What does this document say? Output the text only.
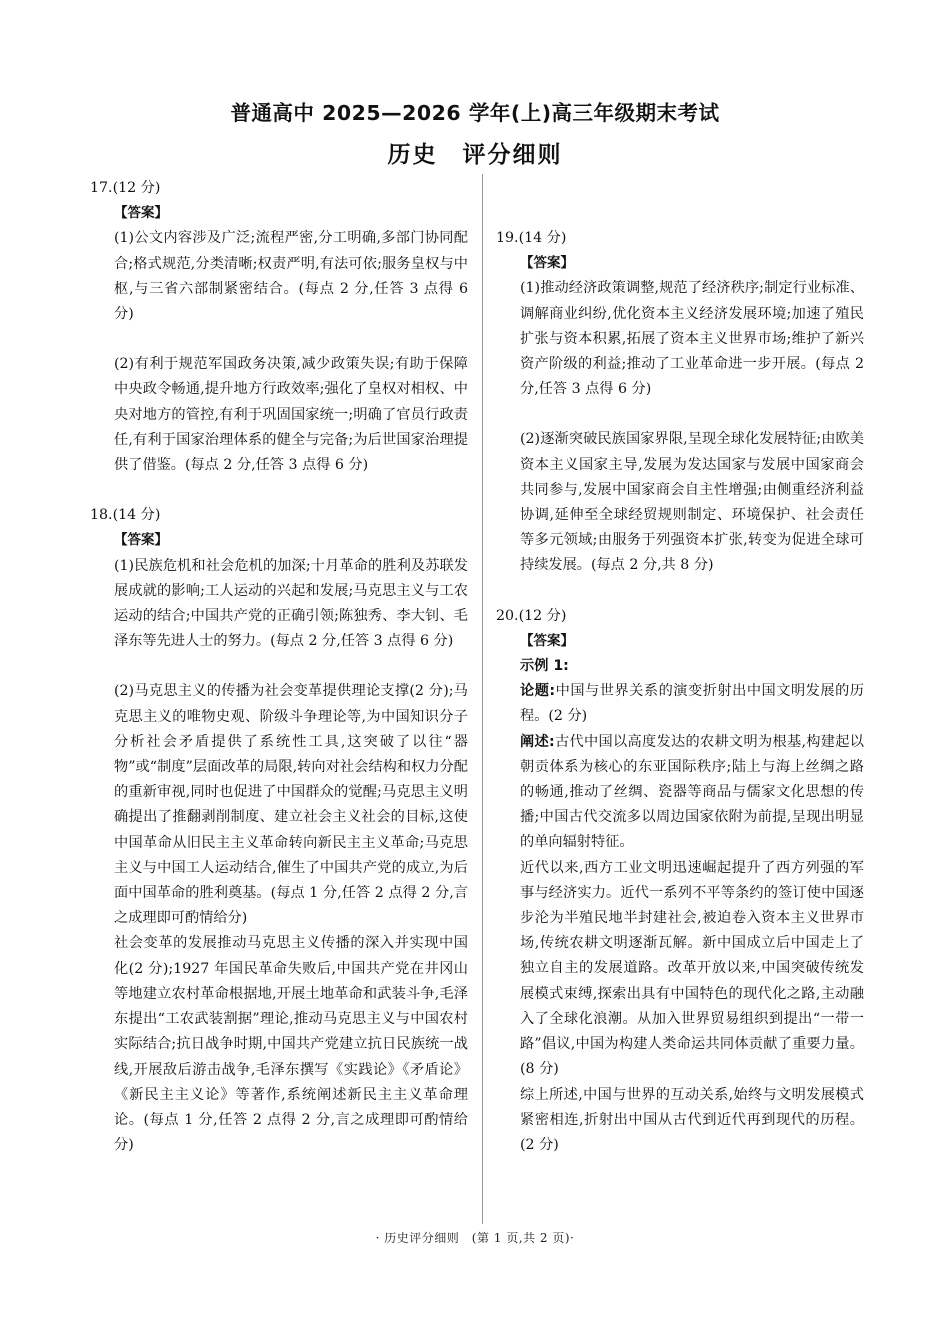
普通高中 2025—2026 学年(上)高三年级期末考试
历史　评分细则

17.(12 分)

【答案】

(1)公文内容涉及广泛;流程严密,分工明确,多部门协同配合;格式规范,分类清晰;权责严明,有法可依;服务皇权与中枢,与三省六部制紧密结合。(每点 2 分,任答 3 点得 6 分)

(2)有利于规范军国政务决策,减少政策失误;有助于保障中央政令畅通,提升地方行政效率;强化了皇权对相权、中央对地方的管控,有利于巩固国家统一;明确了官员行政责任,有利于国家治理体系的健全与完备;为后世国家治理提供了借鉴。(每点 2 分,任答 3 点得 6 分)

18.(14 分)

【答案】

(1)民族危机和社会危机的加深;十月革命的胜利及苏联发展成就的影响;工人运动的兴起和发展;马克思主义与工农运动的结合;中国共产党的正确引领;陈独秀、李大钊、毛泽东等先进人士的努力。(每点 2 分,任答 3 点得 6 分)

(2)马克思主义的传播为社会变革提供理论支撑(2 分);马克思主义的唯物史观、阶级斗争理论等,为中国知识分子分析社会矛盾提供了系统性工具,这突破了以往“器物”或“制度”层面改革的局限,转向对社会结构和权力分配的重新审视,同时也促进了中国群众的觉醒;马克思主义明确提出了推翻剥削制度、建立社会主义社会的目标,这使中国革命从旧民主主义革命转向新民主主义革命;马克思主义与中国工人运动结合,催生了中国共产党的成立,为后面中国革命的胜利奠基。(每点 1 分,任答 2 点得 2 分,言之成理即可酌情给分)

社会变革的发展推动马克思主义传播的深入并实现中国化(2 分);1927 年国民革命失败后,中国共产党在井冈山等地建立农村革命根据地,开展土地革命和武装斗争,毛泽东提出“工农武装割据”理论,推动马克思主义与中国农村实际结合;抗日战争时期,中国共产党建立抗日民族统一战线,开展敌后游击战争,毛泽东撰写《实践论》《矛盾论》《新民主主义论》等著作,系统阐述新民主主义革命理论。(每点 1 分,任答 2 点得 2 分,言之成理即可酌情给分)

19.(14 分)

【答案】

(1)推动经济政策调整,规范了经济秩序;制定行业标准、调解商业纠纷,优化资本主义经济发展环境;加速了殖民扩张与资本积累,拓展了资本主义世界市场;维护了新兴资产阶级的利益;推动了工业革命进一步开展。(每点 2 分,任答 3 点得 6 分)

(2)逐渐突破民族国家界限,呈现全球化发展特征;由欧美资本主义国家主导,发展为发达国家与发展中国家商会共同参与,发展中国家商会自主性增强;由侧重经济利益协调,延伸至全球经贸规则制定、环境保护、社会责任等多元领域;由服务于列强资本扩张,转变为促进全球可持续发展。(每点 2 分,共 8 分)

20.(12 分)

【答案】

示例 1:

论题:中国与世界关系的演变折射出中国文明发展的历程。(2 分)

阐述:古代中国以高度发达的农耕文明为根基,构建起以朝贡体系为核心的东亚国际秩序;陆上与海上丝绸之路的畅通,推动了丝绸、瓷器等商品与儒家文化思想的传播;中国古代交流多以周边国家依附为前提,呈现出明显的单向辐射特征。

近代以来,西方工业文明迅速崛起提升了西方列强的军事与经济实力。近代一系列不平等条约的签订使中国逐步沦为半殖民地半封建社会,被迫卷入资本主义世界市场,传统农耕文明逐渐瓦解。新中国成立后中国走上了独立自主的发展道路。改革开放以来,中国突破传统发展模式束缚,探索出具有中国特色的现代化之路,主动融入了全球化浪潮。从加入世界贸易组织到提出“一带一路”倡议,中国为构建人类命运共同体贡献了重要力量。(8 分)

综上所述,中国与世界的互动关系,始终与文明发展模式紧密相连,折射出中国从古代到近代再到现代的历程。(2 分)

· 历史评分细则　(第 1 页,共 2 页)·
